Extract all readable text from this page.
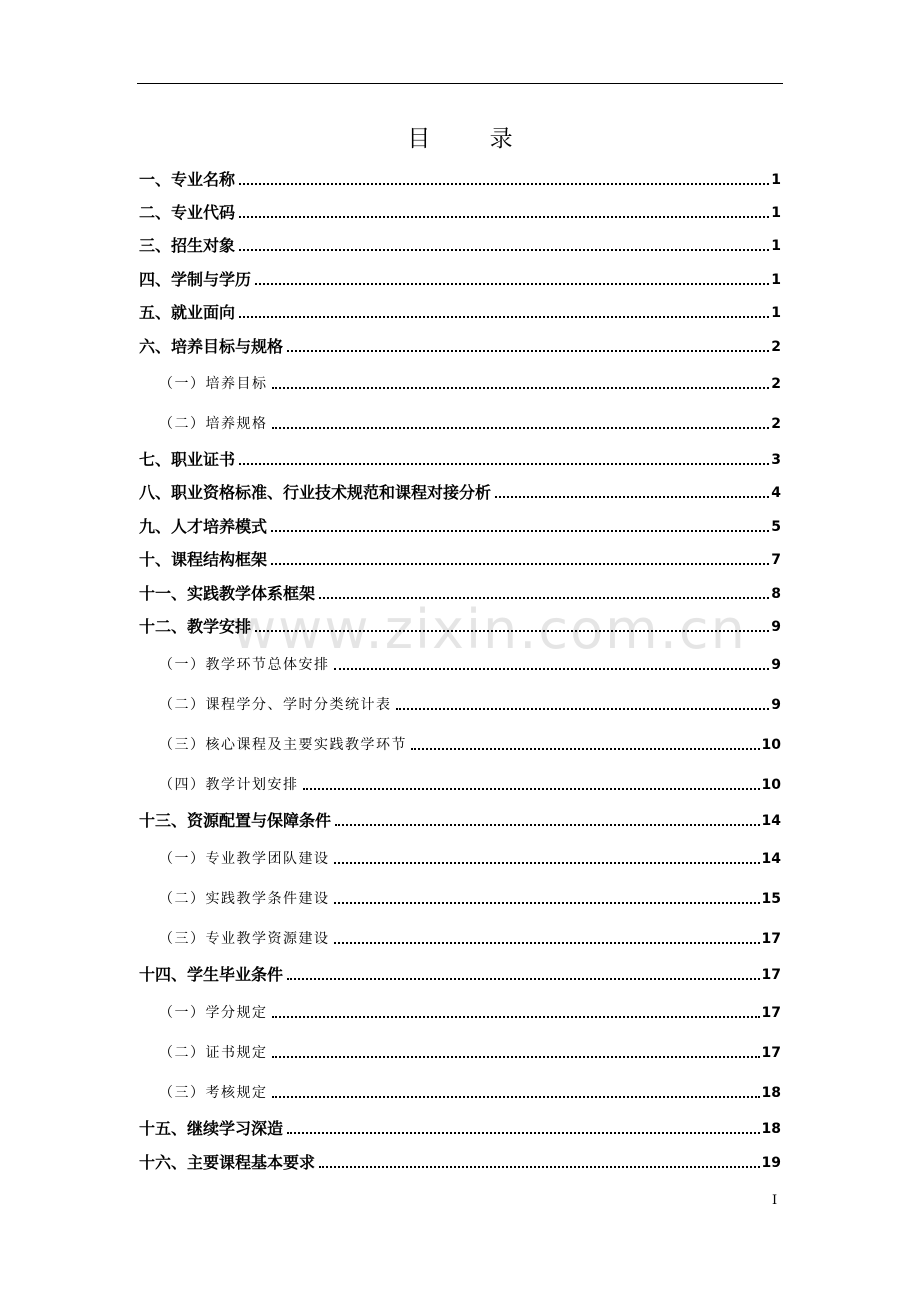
目 录
www.zixin.com.cn
一、专业名称	1
二、专业代码	1
三、招生对象	1
四、学制与学历	1
五、就业面向	1
六、培养目标与规格	2
（一）培养目标	2
（二）培养规格	2
七、职业证书	3
八、职业资格标准、行业技术规范和课程对接分析	4
九、人才培养模式	5
十、课程结构框架	7
十一、实践教学体系框架	8
十二、教学安排	9
（一）教学环节总体安排	9
（二）课程学分、学时分类统计表	9
（三）核心课程及主要实践教学环节	10
（四）教学计划安排	10
十三、资源配置与保障条件	14
（一）专业教学团队建设	14
（二）实践教学条件建设	15
（三）专业教学资源建设	17
十四、学生毕业条件	17
（一）学分规定	17
（二）证书规定	17
（三）考核规定	18
十五、继续学习深造	18
十六、主要课程基本要求	19
I
